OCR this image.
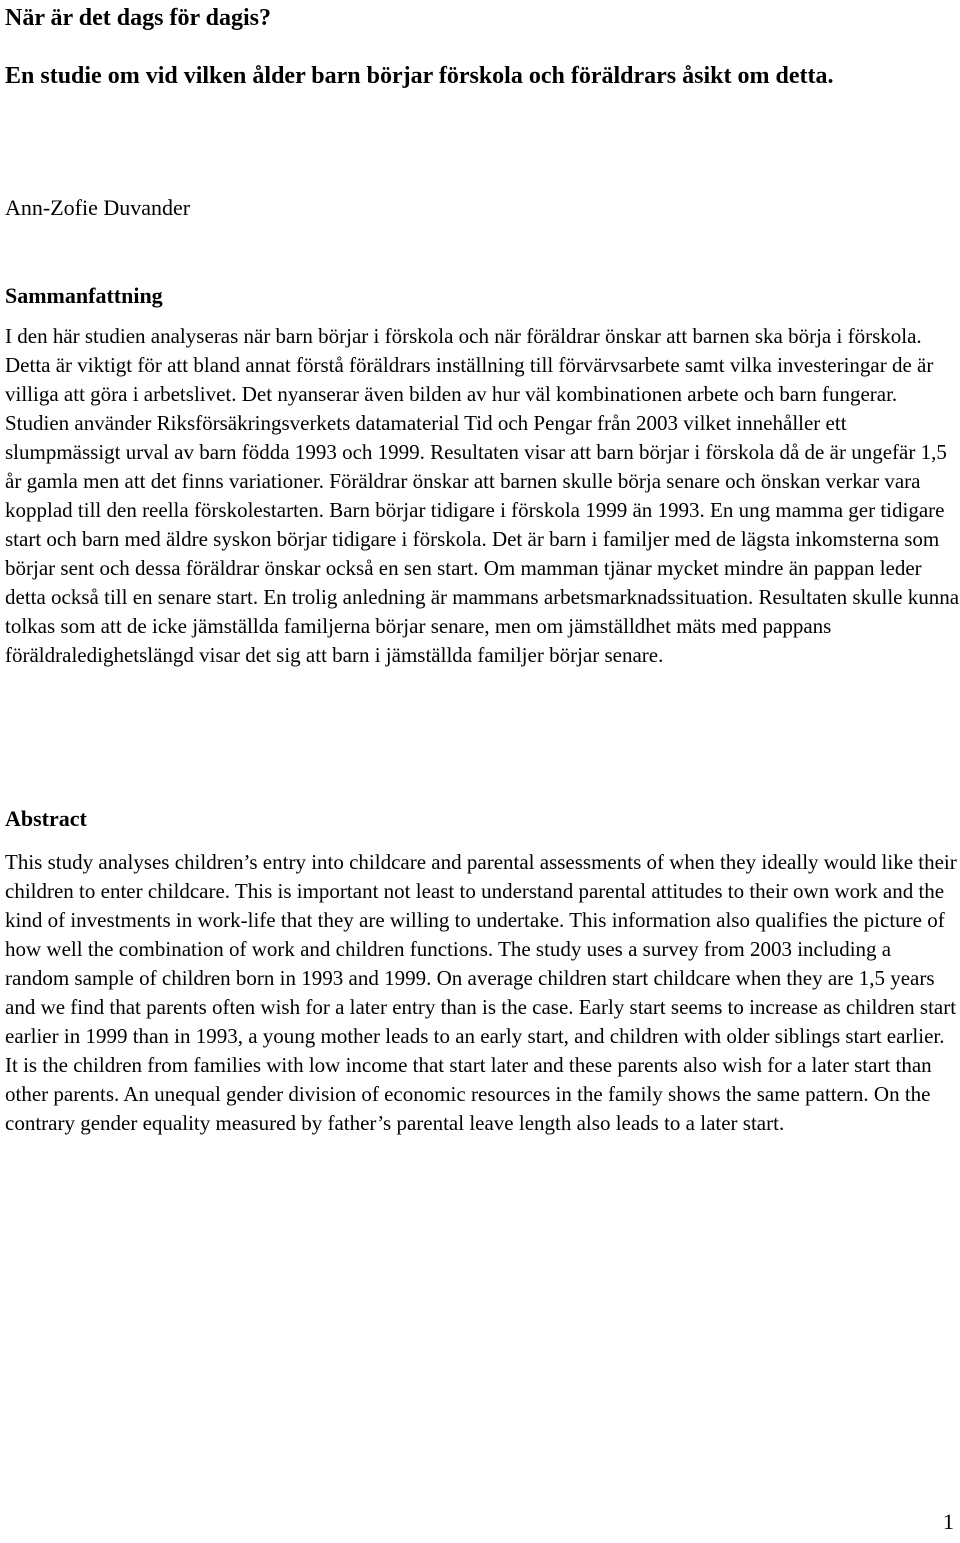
När är det dags för dagis?
En studie om vid vilken ålder barn börjar förskola och föräldrars åsikt om detta.

Ann-Zofie Duvander

Sammanfattning

I den här studien analyseras när barn börjar i förskola och när föräldrar önskar att barnen ska börja i förskola. Detta är viktigt för att bland annat förstå föräldrars inställning till förvärvsarbete samt vilka investeringar de är villiga att göra i arbetslivet. Det nyanserar även bilden av hur väl kombinationen arbete och barn fungerar. Studien använder Riksförsäkringsverkets datamaterial Tid och Pengar från 2003 vilket innehåller ett slumpmässigt urval av barn födda 1993 och 1999. Resultaten visar att barn börjar i förskola då de är ungefär 1,5 år gamla men att det finns variationer. Föräldrar önskar att barnen skulle börja senare och önskan verkar vara kopplad till den reella förskolestarten. Barn börjar tidigare i förskola 1999 än 1993. En ung mamma ger tidigare start och barn med äldre syskon börjar tidigare i förskola. Det är barn i familjer med de lägsta inkomsterna som börjar sent och dessa föräldrar önskar också en sen start. Om mamman tjänar mycket mindre än pappan leder detta också till en senare start. En trolig anledning är mammans arbetsmarknadssituation. Resultaten skulle kunna tolkas som att de icke jämställda familjerna börjar senare, men om jämställdhet mäts med pappans föräldraledighetslängd visar det sig att barn i jämställda familjer börjar senare.

Abstract

This study analyses children’s entry into childcare and parental assessments of when they ideally would like their children to enter childcare. This is important not least to understand parental attitudes to their own work and the kind of investments in work-life that they are willing to undertake. This information also qualifies the picture of how well the combination of work and children functions. The study uses a survey from 2003 including a random sample of children born in 1993 and 1999. On average children start childcare when they are 1,5 years and we find that parents often wish for a later entry than is the case. Early start seems to increase as children start earlier in 1999 than in 1993, a young mother leads to an early start, and children with older siblings start earlier. It is the children from families with low income that start later and these parents also wish for a later start than other parents. An unequal gender division of economic resources in the family shows the same pattern. On the contrary gender equality measured by father’s parental leave length also leads to a later start.

1
